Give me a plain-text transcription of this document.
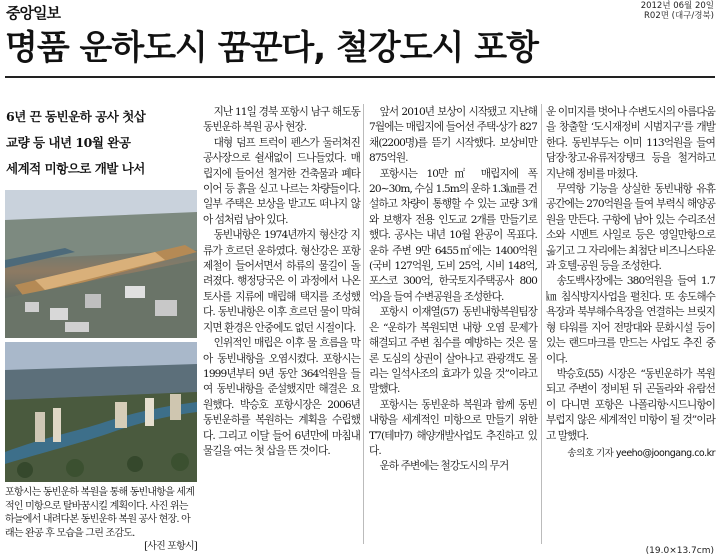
중앙일보	2012년 06월 20일
R02면 (대구/경북)
명품 운하도시 꿈꾼다, 철강도시 포항
6년 끈 동빈운하 공사 첫삽
교량 등 내년 10월 완공
세계적 미항으로 개발 나서
포항시는 동빈운하 복원을 통해 동빈내항을 세계적인 미항으로 탈바꿈시킬 계획이다. 사진 위는 하늘에서 내려다본 동빈운하 복원 공사 현장. 아래는 완공 후 모습을 그린 조감도.
[사진 포항시]

지난 11일 경북 포항시 남구 해도동 동빈운하 복원 공사 현장.

대형 덤프 트럭이 펜스가 둘러쳐진 공사장으로 쉴새없이 드나들었다. 매립지에 들어선 철거한 건축물과 폐타이어 등 흙을 싣고 나르는 차량들이다. 일부 주택은 보상을 받고도 떠나지 않아 섬처럼 남아 있다.

동빈내항은 1974년까지 형산강 지류가 흐르던 운하였다. 형산강은 포항제철이 들어서면서 하류의 물길이 돌려졌다. 행정당국은 이 과정에서 나온 토사를 지류에 매립해 택지를 조성했다. 동빈내항은 이후 흐르던 물이 막혀지면 환경은 안중에도 없던 시절이다.

인위적인 매립은 이후 물 흐름을 막아 동빈내항을 오염시켰다. 포항시는 1999년부터 9년 동안 364억원을 들여 동빈내항을 준설했지만 해결은 요원했다. 박승호 포항시장은 2006년 동빈운하를 복원하는 계획을 수립했다. 그리고 이달 들어 6년만에 마침내 물길을 여는 첫 삽을 뜬 것이다.

앞서 2010년 보상이 시작됐고 지난해 7월에는 매립지에 들어선 주택·상가 827채(2200명)를 뜯기 시작했다. 보상비만 875억원.

포항시는 10만㎡ 매립지에 폭 20∼30m, 수심 1.5m의 운하 1.3㎞를 건설하고 차량이 통행할 수 있는 교량 3개와 보행자 전용 인도교 2개를 만들기로 했다. 공사는 내년 10월 완공이 목표다. 운하 주변 9만 6455㎡에는 1400억원(국비 127억원, 도비 25억, 시비 148억, 포스코 300억, 한국토지주택공사 800억)을 들여 수변공원을 조성한다.

포항시 이재열(57) 동빈내항복원팀장은 “운하가 복원되면 내항 오염 문제가 해결되고 주변 침수를 예방하는 것은 물론 도심의 상권이 살아나고 관광객도 몰리는 일석사조의 효과가 있을 것”이라고 말했다.

포항시는 동빈운하 복원과 함께 동빈내항을 세계적인 미항으로 만들기 위한 T7(테마7) 해양개발사업도 추진하고 있다.

운하 주변에는 철강도시의 무거

운 이미지를 벗어나 수변도시의 아름다움을 창출할 ‘도시재정비 시범지구’를 개발한다. 동빈부두는 이미 113억원을 들여 담장·창고·유류저장탱크 등을 철거하고 지난해 정비를 마쳤다.

무역항 기능을 상실한 동빈내항 유휴공간에는 270억원을 들여 부력식 해양공원을 만든다. 구항에 남아 있는 수리조선소와 시멘트 사일로 등은 영일만항으로 옮기고 그 자리에는 최첨단 비즈니스타운과 호텔·공원 등을 조성한다.

송도백사장에는 380억원을 들여 1.7㎞ 침식방지사업을 펼친다. 또 송도해수욕장과 북부해수욕장을 연결하는 브릿지형 타워를 지어 전망대와 문화시설 등이 있는 랜드마크를 만드는 사업도 추진 중이다.

박승호(55) 시장은 “동빈운하가 복원되고 주변이 정비된 뒤 곤돌라와 유람선이 다니면 포항은 나폴리항·시드니항이 부럽지 않은 세계적인 미항이 될 것”이라고 말했다.

송의호 기자 yeeho@joongang.co.kr
(19.0×13.7cm)
